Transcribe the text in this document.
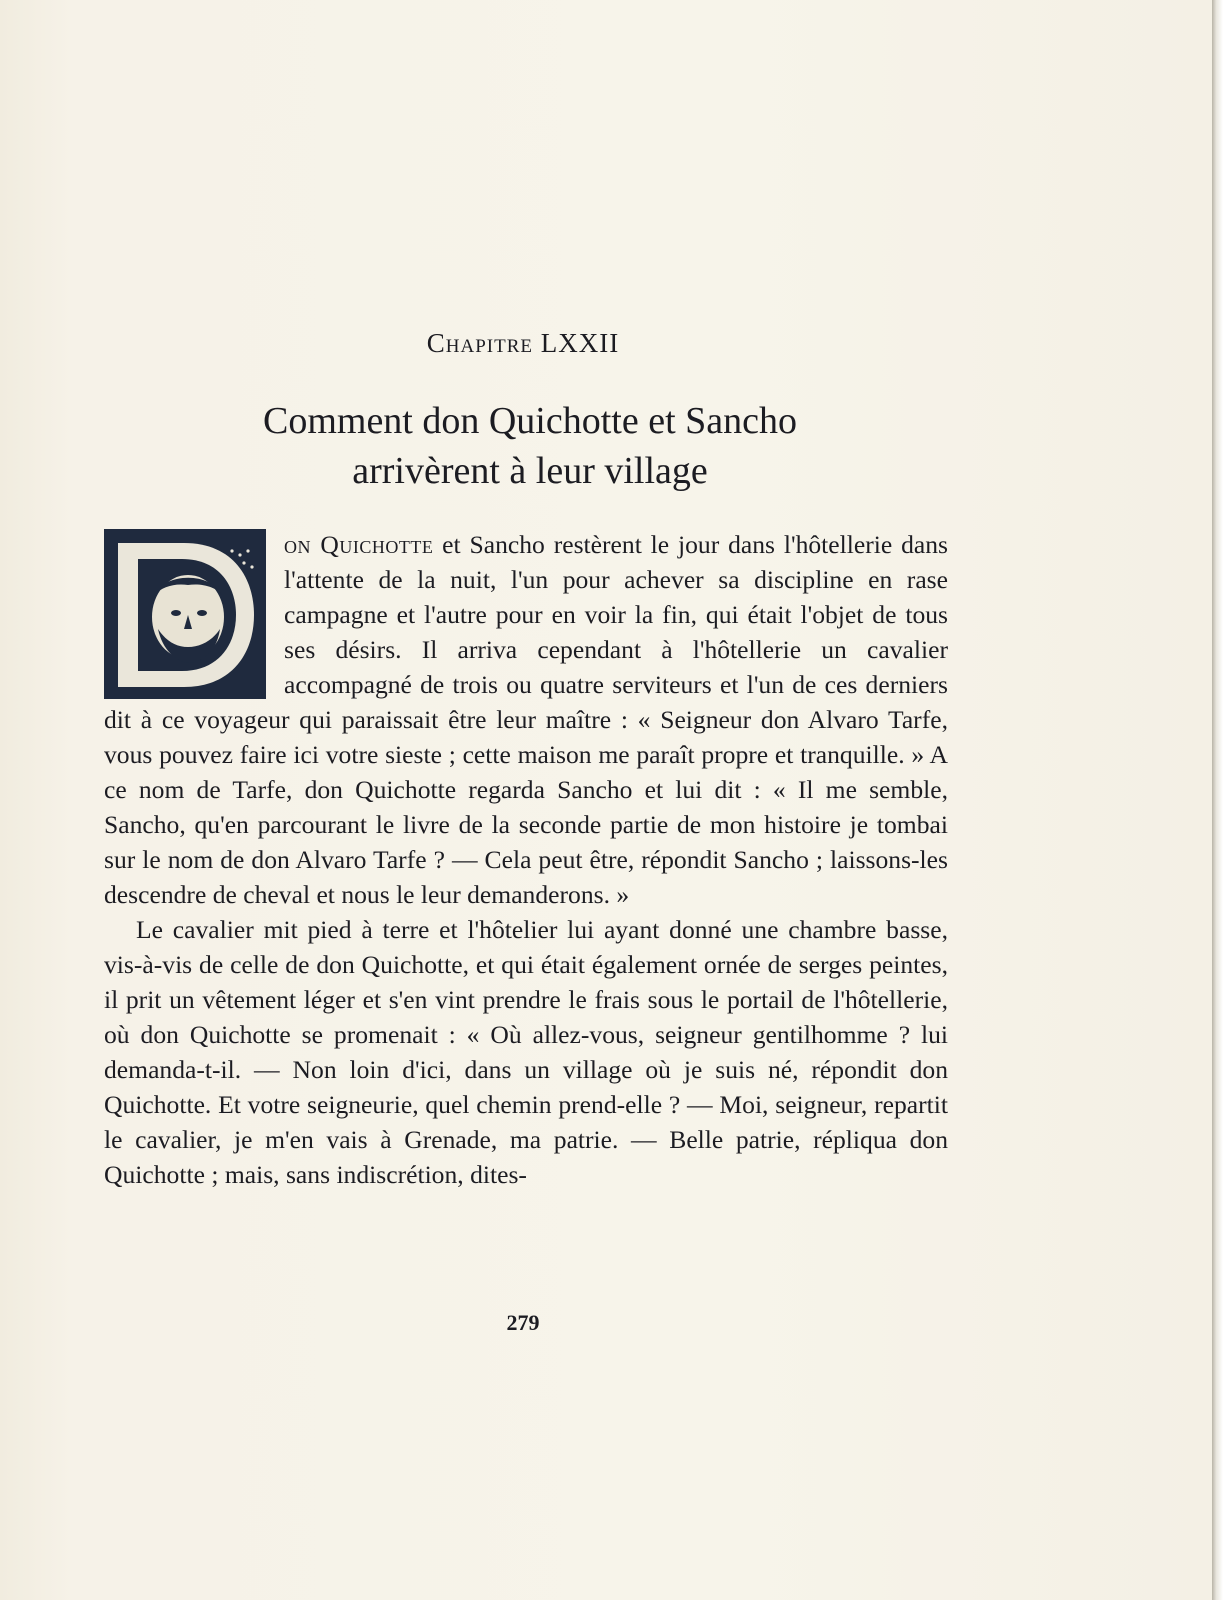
Chapitre LXXII
Comment don Quichotte et Sancho
arrivèrent à leur village

on Quichotte et Sancho restèrent le jour dans l'hôtellerie dans l'attente de la nuit, l'un pour achever sa discipline en rase campagne et l'autre pour en voir la fin, qui était l'objet de tous ses désirs. Il arriva cependant à l'hôtellerie un cavalier accompagné de trois ou quatre serviteurs et l'un de ces derniers dit à ce voyageur qui paraissait être leur maître : « Seigneur don Alvaro Tarfe, vous pouvez faire ici votre sieste ; cette maison me paraît propre et tranquille. » A ce nom de Tarfe, don Quichotte regarda Sancho et lui dit : « Il me semble, Sancho, qu'en parcourant le livre de la seconde partie de mon histoire je tombai sur le nom de don Alvaro Tarfe ? — Cela peut être, répondit Sancho ; laissons-les descendre de cheval et nous le leur demanderons. »

Le cavalier mit pied à terre et l'hôtelier lui ayant donné une chambre basse, vis-à-vis de celle de don Quichotte, et qui était également ornée de serges peintes, il prit un vêtement léger et s'en vint prendre le frais sous le portail de l'hôtellerie, où don Quichotte se promenait : « Où allez-vous, seigneur gentilhomme ? lui demanda-t-il. — Non loin d'ici, dans un village où je suis né, répondit don Quichotte. Et votre seigneurie, quel chemin prend-elle ? — Moi, seigneur, repartit le cavalier, je m'en vais à Grenade, ma patrie. — Belle patrie, répliqua don Quichotte ; mais, sans indiscrétion, dites-

279
